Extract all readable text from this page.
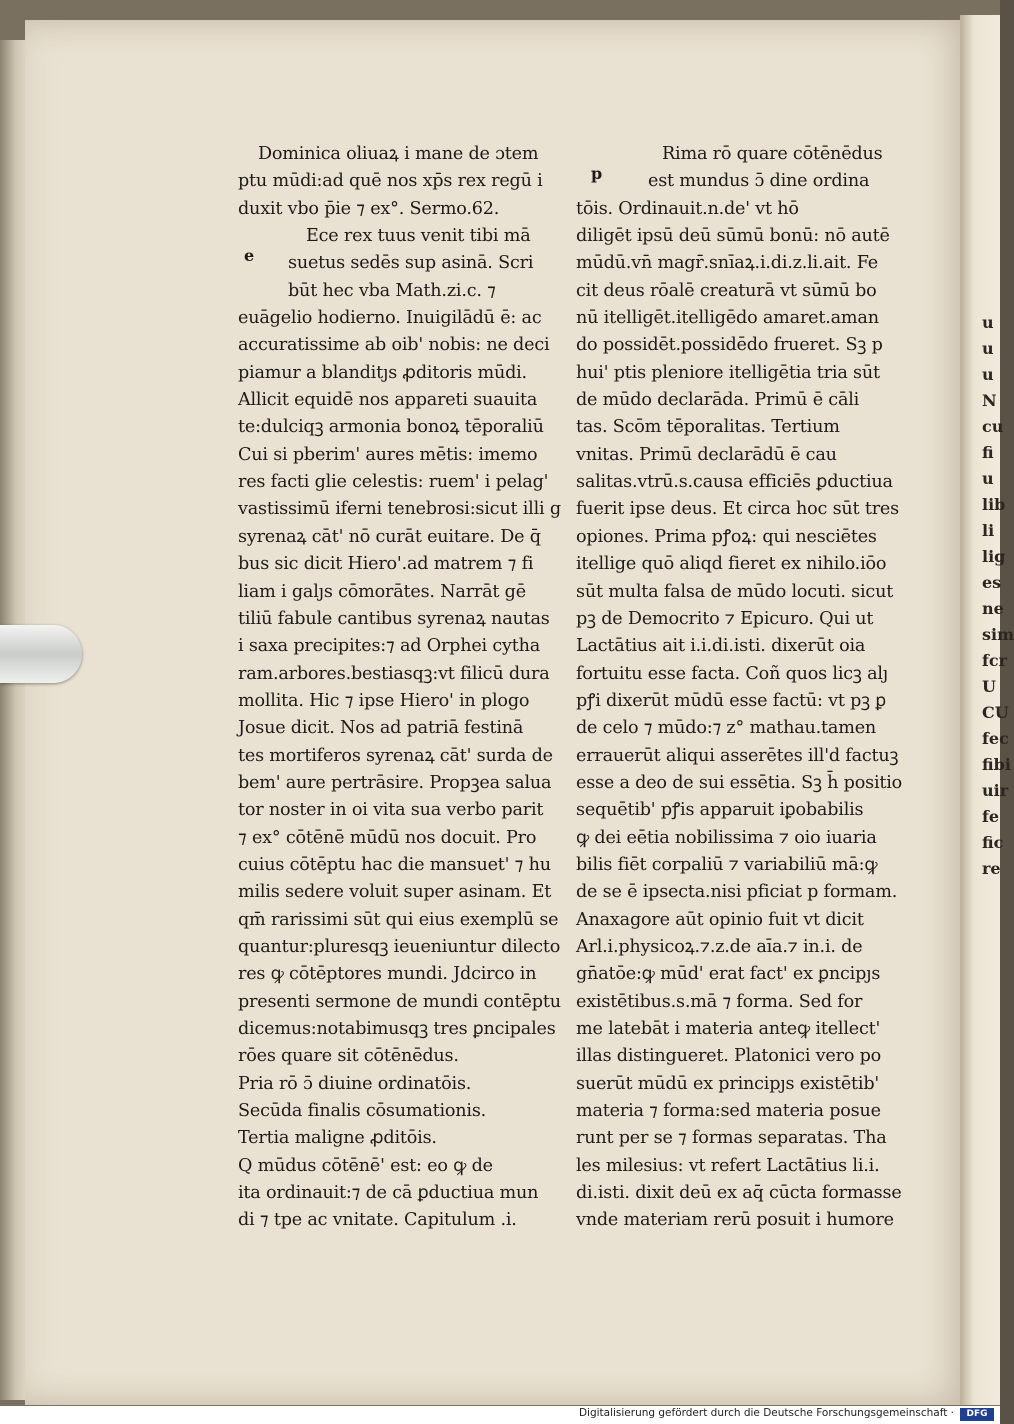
u
u
u
N
cu
fi
u
lib
li
lig
es
ne
sim
fcr
U
CU
fec
fibi
uir
fe
fic
re
e
p
Dominica oliuaꝝ i mane de ɔtem
ptu mūdi:ad quē nos xp̄s rex regū i
duxit vbo p̄ie ⁊ ex°. Sermo.62.
Ece rex tuus venit tibi mā
suetus sedēs sup asinā. Scri
būt hec vba Math.zi.c. ⁊
euāgelio hodierno. Inuigilādū ē: ac
accuratissime ab oib' nobis: ne deci
piamur a blanditȷs ꝓditoris mūdi.
Allicit equidē nos appareti suauita
te:dulciqꝫ armonia bonoꝝ tēporaliū
Cui si pberim' aures mētis: imemo
res facti glie celestis: ruem' i pelag'
vastissimū iferni tenebrosi:sicut illi g
syrenaꝝ cāt' nō curāt euitare. De q̄
bus sic dicit Hiero'.ad matrem ⁊ fi
liam i galȷs cōmorātes. Narrāt gē
tiliū fabule cantibus syrenaꝝ nautas
i saxa precipites:⁊ ad Orphei cytha
ram.arbores.bestiasqꝫ:vt filicū dura
mollita. Hic ⁊ ipse Hiero' in plogo
Josue dicit. Nos ad patriā festinā
tes mortiferos syrenaꝝ cāt' surda de
bem' aure pertrāsire. Propꝫea salua
tor noster in oi vita sua verbo parit
⁊ ex° cōtēnē mūdū nos docuit. Pro
cuius cōtēptu hac die mansuet' ⁊ hu
milis sedere voluit super asinam. Et
qm̄ rarissimi sūt qui eius exemplū se
quantur:pluresqꝫ ieueniuntur dilecto
res ꝙ cōtēptores mundi. Jdcirco in
presenti sermone de mundi contēptu
dicemus:notabimusqꝫ tres ꝑncipales
rōes quare sit cōtēnēdus.
Pria rō ɔ̄ diuine ordinatōis.
Secūda finalis cōsumationis.
Tertia maligne ꝓditōis.
Q mūdus cōtēnē' est: eo ꝙ de
ita ordinauit:⁊ de cā ꝑductiua mun
di ⁊ tpe ac vnitate. Capitulum .i.
Rima rō quare cōtēnēdus
est mundus ɔ̄ dine ordina
tōis. Ordinauit.n.de' vt hō
diligēt ipsū deū sūmū bonū: nō autē
mūdū.vn̄ magr̄.snīaꝝ.i.di.z.li.ait. Fe
cit deus rōalē creaturā vt sūmū bo
nū itelligēt.itelligēdo amaret.aman
do possidēt.possidēdo frueret. Sꝫ p
hui' ptis pleniore itelligētia tria sūt
de mūdo declarāda. Primū ē cāli
tas. Scōm tēporalitas. Tertium
vnitas. Primū declarādū ē cau
salitas.vtrū.s.causa efficiēs ꝑductiua
fuerit ipse deus. Et circa hoc sūt tres
opiones. Prima pꝭoꝝ: qui nesciētes
itellige quō aliqd fieret ex nihilo.iōo
sūt multa falsa de mūdo locuti. sicut
pꝫ de Democrito ⁊ Epicuro. Qui ut
Lactātius ait i.i.di.isti. dixerūt oia
fortuitu esse facta. Coñ quos licꝫ alȷ
pꝭi dixerūt mūdū esse factū: vt pꝫ ꝑ
de celo ⁊ mūdo:⁊ z° mathau.tamen
errauerūt aliqui asserētes ill'd factuꝫ
esse a deo de sui essētia. Sꝫ h̄ positio
sequētib' pꝭis apparuit iꝑobabilis
ꝙ dei eētia nobilissima ⁊ oio iuaria
bilis fiēt corpaliū ⁊ variabiliū mā:ꝙ
de se ē ipsecta.nisi pficiat p formam.
Anaxagore aūt opinio fuit vt dicit
Arl.i.physicoꝝ.⁊.z.de aīa.⁊ in.i. de
gn̄atōe:ꝙ mūd' erat fact' ex ꝑncipȷs
existētibus.s.mā ⁊ forma. Sed for
me latebāt i materia anteꝙ itellect'
illas distingueret. Platonici vero po
suerūt mūdū ex principȷs existētib'
materia ⁊ forma:sed materia posue
runt per se ⁊ formas separatas. Tha
les milesius: vt refert Lactātius li.i.
di.isti. dixit deū ex aq̄ cūcta formasse
vnde materiam rerū posuit i humore
Digitalisierung gefördert durch die Deutsche Forschungsgemeinschaft ·	DFG
